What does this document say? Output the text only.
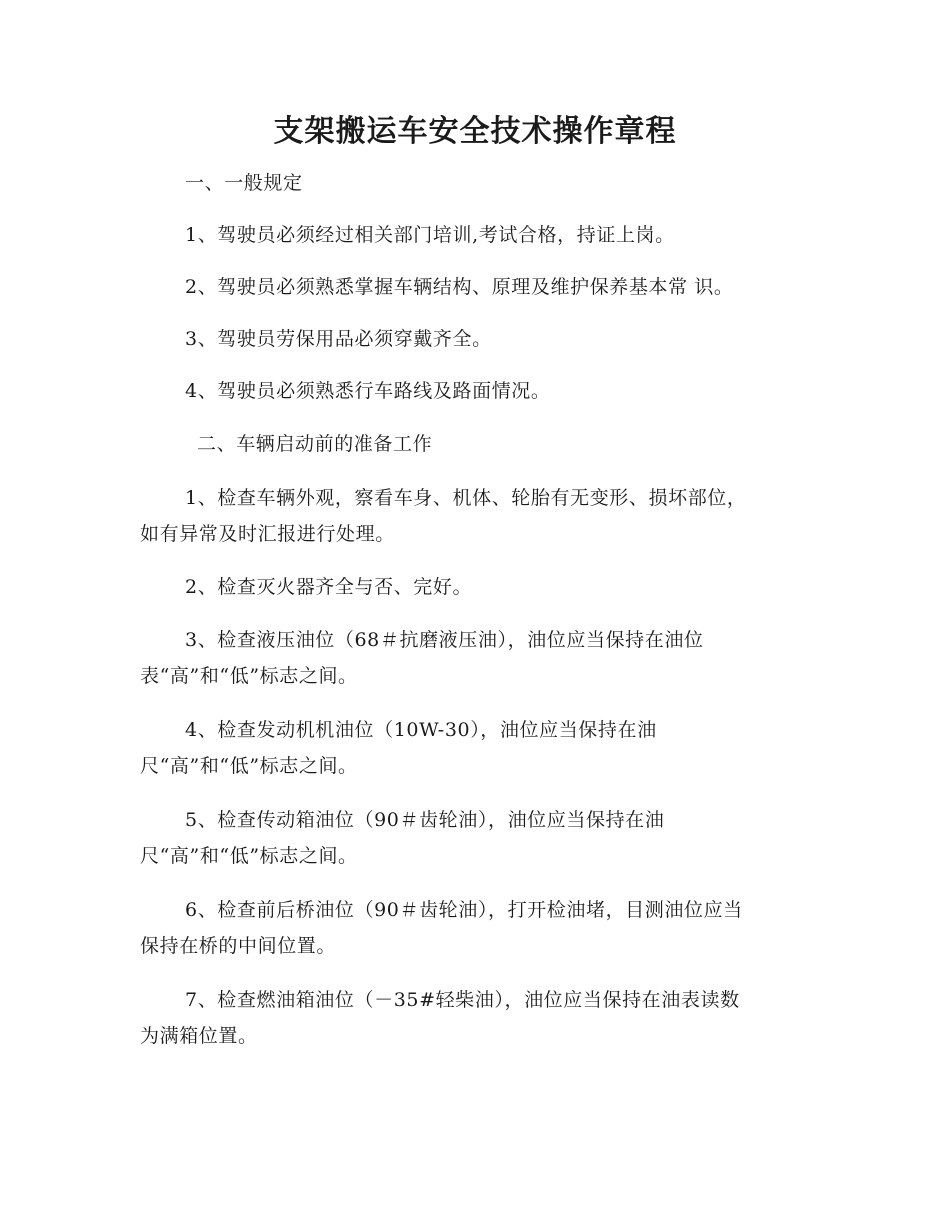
支架搬运车安全技术操作章程
一、一般规定
1、驾驶员必须经过相关部门培训,考试合格，持证上岗。
2、驾驶员必须熟悉掌握车辆结构、原理及维护保养基本常 识。
3、驾驶员劳保用品必须穿戴齐全。
4、驾驶员必须熟悉行车路线及路面情况。
二、车辆启动前的准备工作
1、检查车辆外观，察看车身、机体、轮胎有无变形、损坏部位，
如有异常及时汇报进行处理。
2、检查灭火器齐全与否、完好。
3、检查液压油位（68＃抗磨液压油），油位应当保持在油位
表“高”和“低”标志之间。
4、检查发动机机油位（10W-30），油位应当保持在油
尺“高”和“低”标志之间。
5、检查传动箱油位（90＃齿轮油），油位应当保持在油
尺“高”和“低”标志之间。
6、检查前后桥油位（90＃齿轮油），打开检油堵，目测油位应当
保持在桥的中间位置。
7、检查燃油箱油位（－35#轻柴油），油位应当保持在油表读数
为满箱位置。
